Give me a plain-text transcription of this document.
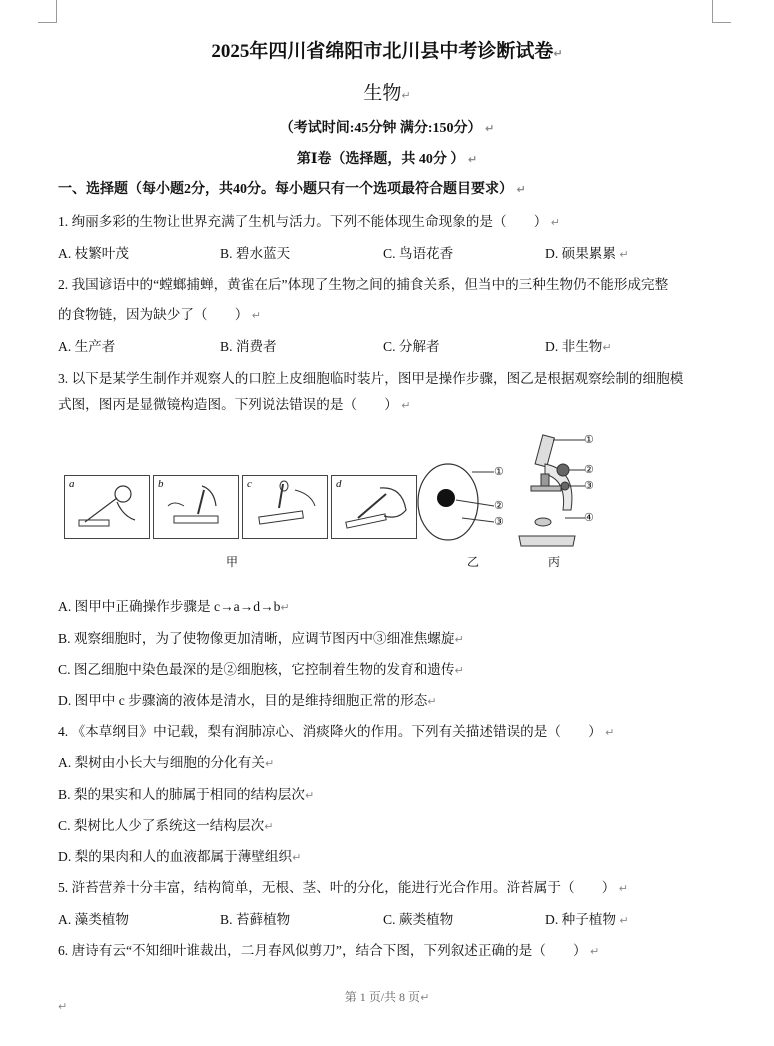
2025年四川省绵阳市北川县中考诊断试卷↵
生物↵
（考试时间:45分钟 满分:150分） ↵
第Ⅰ卷（选择题，共 40分 ） ↵
一、选择题（每小题2分，共40分。每小题只有一个选项最符合题目要求） ↵
1. 绚丽多彩的生物让世界充满了生机与活力。下列不能体现生命现象的是（　　） ↵
A. 枝繁叶茂	B. 碧水蓝天	C. 鸟语花香	D. 硕果累累 ↵
2. 我国谚语中的“螳螂捕蝉，黄雀在后”体现了生物之间的捕食关系，但当中的三种生物仍不能形成完整
的食物链，因为缺少了（　　） ↵
A. 生产者	B. 消费者	C. 分解者	D. 非生物↵
3. 以下是某学生制作并观察人的口腔上皮细胞临时装片，图甲是操作步骤，图乙是根据观察绘制的细胞模
式图，图丙是显微镜构造图。下列说法错误的是（　　） ↵
a	b	c	d
甲
①
②
③
乙
①
②
③
④
丙
A. 图甲中正确操作步骤是 c→a→d→b↵
B. 观察细胞时，为了使物像更加清晰，应调节图丙中③细准焦螺旋↵
C. 图乙细胞中染色最深的是②细胞核，它控制着生物的发育和遗传↵
D. 图甲中 c 步骤滴的液体是清水，目的是维持细胞正常的形态↵
4. 《本草纲目》中记载，梨有润肺凉心、消痰降火的作用。下列有关描述错误的是（　　） ↵
A. 梨树由小长大与细胞的分化有关↵
B. 梨的果实和人的肺属于相同的结构层次↵
C. 梨树比人少了系统这一结构层次↵
D. 梨的果肉和人的血液都属于薄壁组织↵
5. 浒苔营养十分丰富，结构简单，无根、茎、叶的分化，能进行光合作用。浒苔属于（　　） ↵
A. 藻类植物	B. 苔藓植物	C. 蕨类植物	D. 种子植物 ↵
6. 唐诗有云“不知细叶谁裁出，二月春风似剪刀”，结合下图，下列叙述正确的是（　　） ↵
第 1 页/共 8 页↵
↵
